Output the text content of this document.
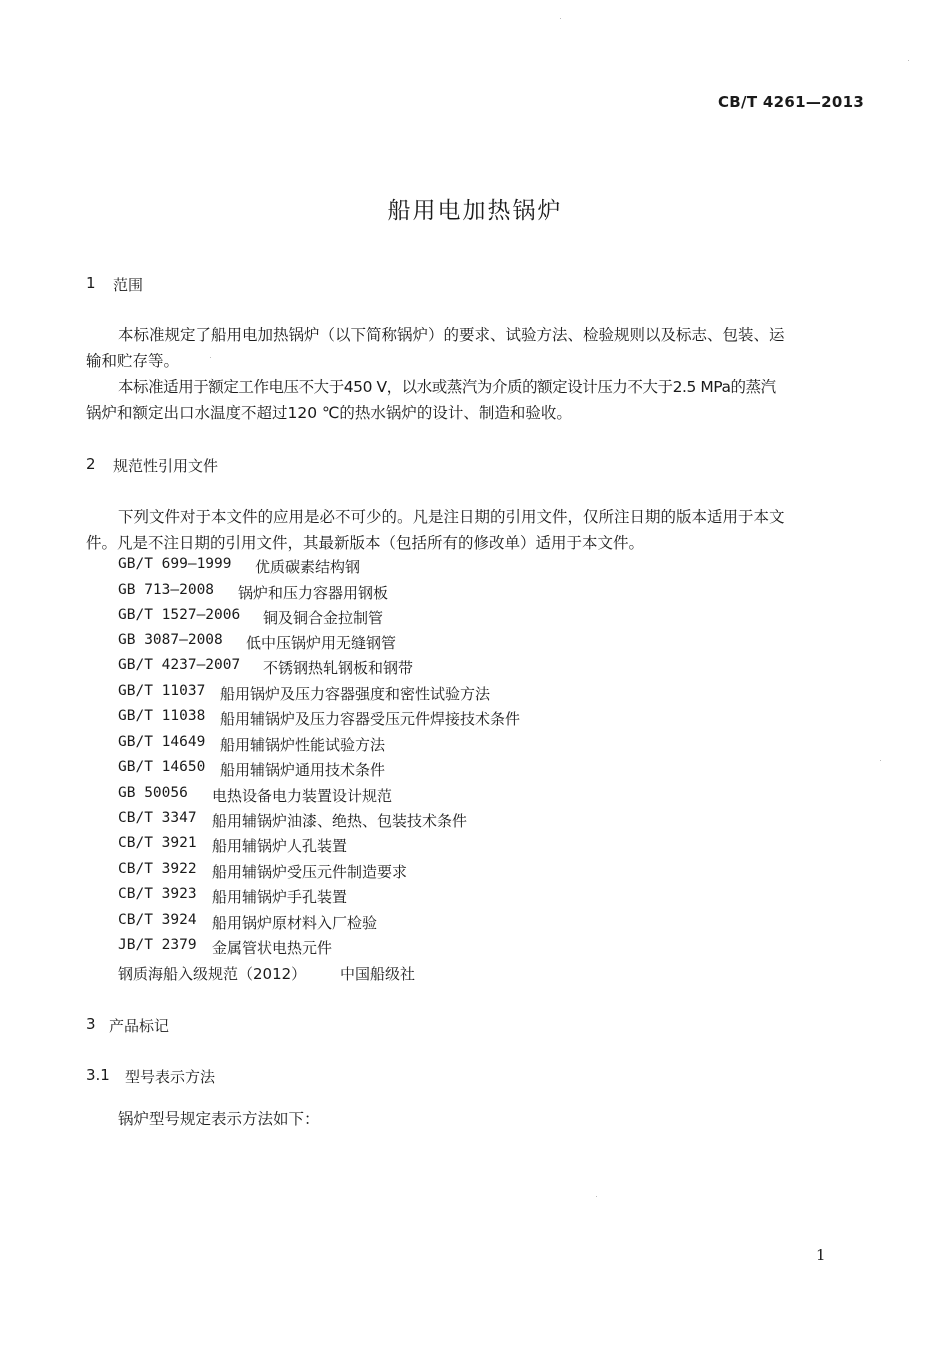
CB/T 4261—2013
船用电加热锅炉
1 范围
本标准规定了船用电加热锅炉（以下简称锅炉）的要求、试验方法、检验规则以及标志、包装、运
输和贮存等。
本标准适用于额定工作电压不大于450 V，以水或蒸汽为介质的额定设计压力不大于2.5 MPa的蒸汽
锅炉和额定出口水温度不超过120 ℃的热水锅炉的设计、制造和验收。
2 规范性引用文件
下列文件对于本文件的应用是必不可少的。凡是注日期的引用文件，仅所注日期的版本适用于本文
件。凡是不注日期的引用文件，其最新版本（包括所有的修改单）适用于本文件。
GB/T 699—1999 优质碳素结构钢
GB 713—2008 锅炉和压力容器用钢板
GB/T 1527—2006 铜及铜合金拉制管
GB 3087—2008 低中压锅炉用无缝钢管
GB/T 4237—2007 不锈钢热轧钢板和钢带
GB/T 11037 船用锅炉及压力容器强度和密性试验方法
GB/T 11038 船用辅锅炉及压力容器受压元件焊接技术条件
GB/T 14649 船用辅锅炉性能试验方法
GB/T 14650 船用辅锅炉通用技术条件
GB 50056 电热设备电力装置设计规范
CB/T 3347 船用辅锅炉油漆、绝热、包装技术条件
CB/T 3921 船用辅锅炉人孔装置
CB/T 3922 船用辅锅炉受压元件制造要求
CB/T 3923 船用辅锅炉手孔装置
CB/T 3924 船用锅炉原材料入厂检验
JB/T 2379 金属管状电热元件
钢质海船入级规范（2012） 中国船级社
3 产品标记
3.1 型号表示方法
锅炉型号规定表示方法如下：
1
